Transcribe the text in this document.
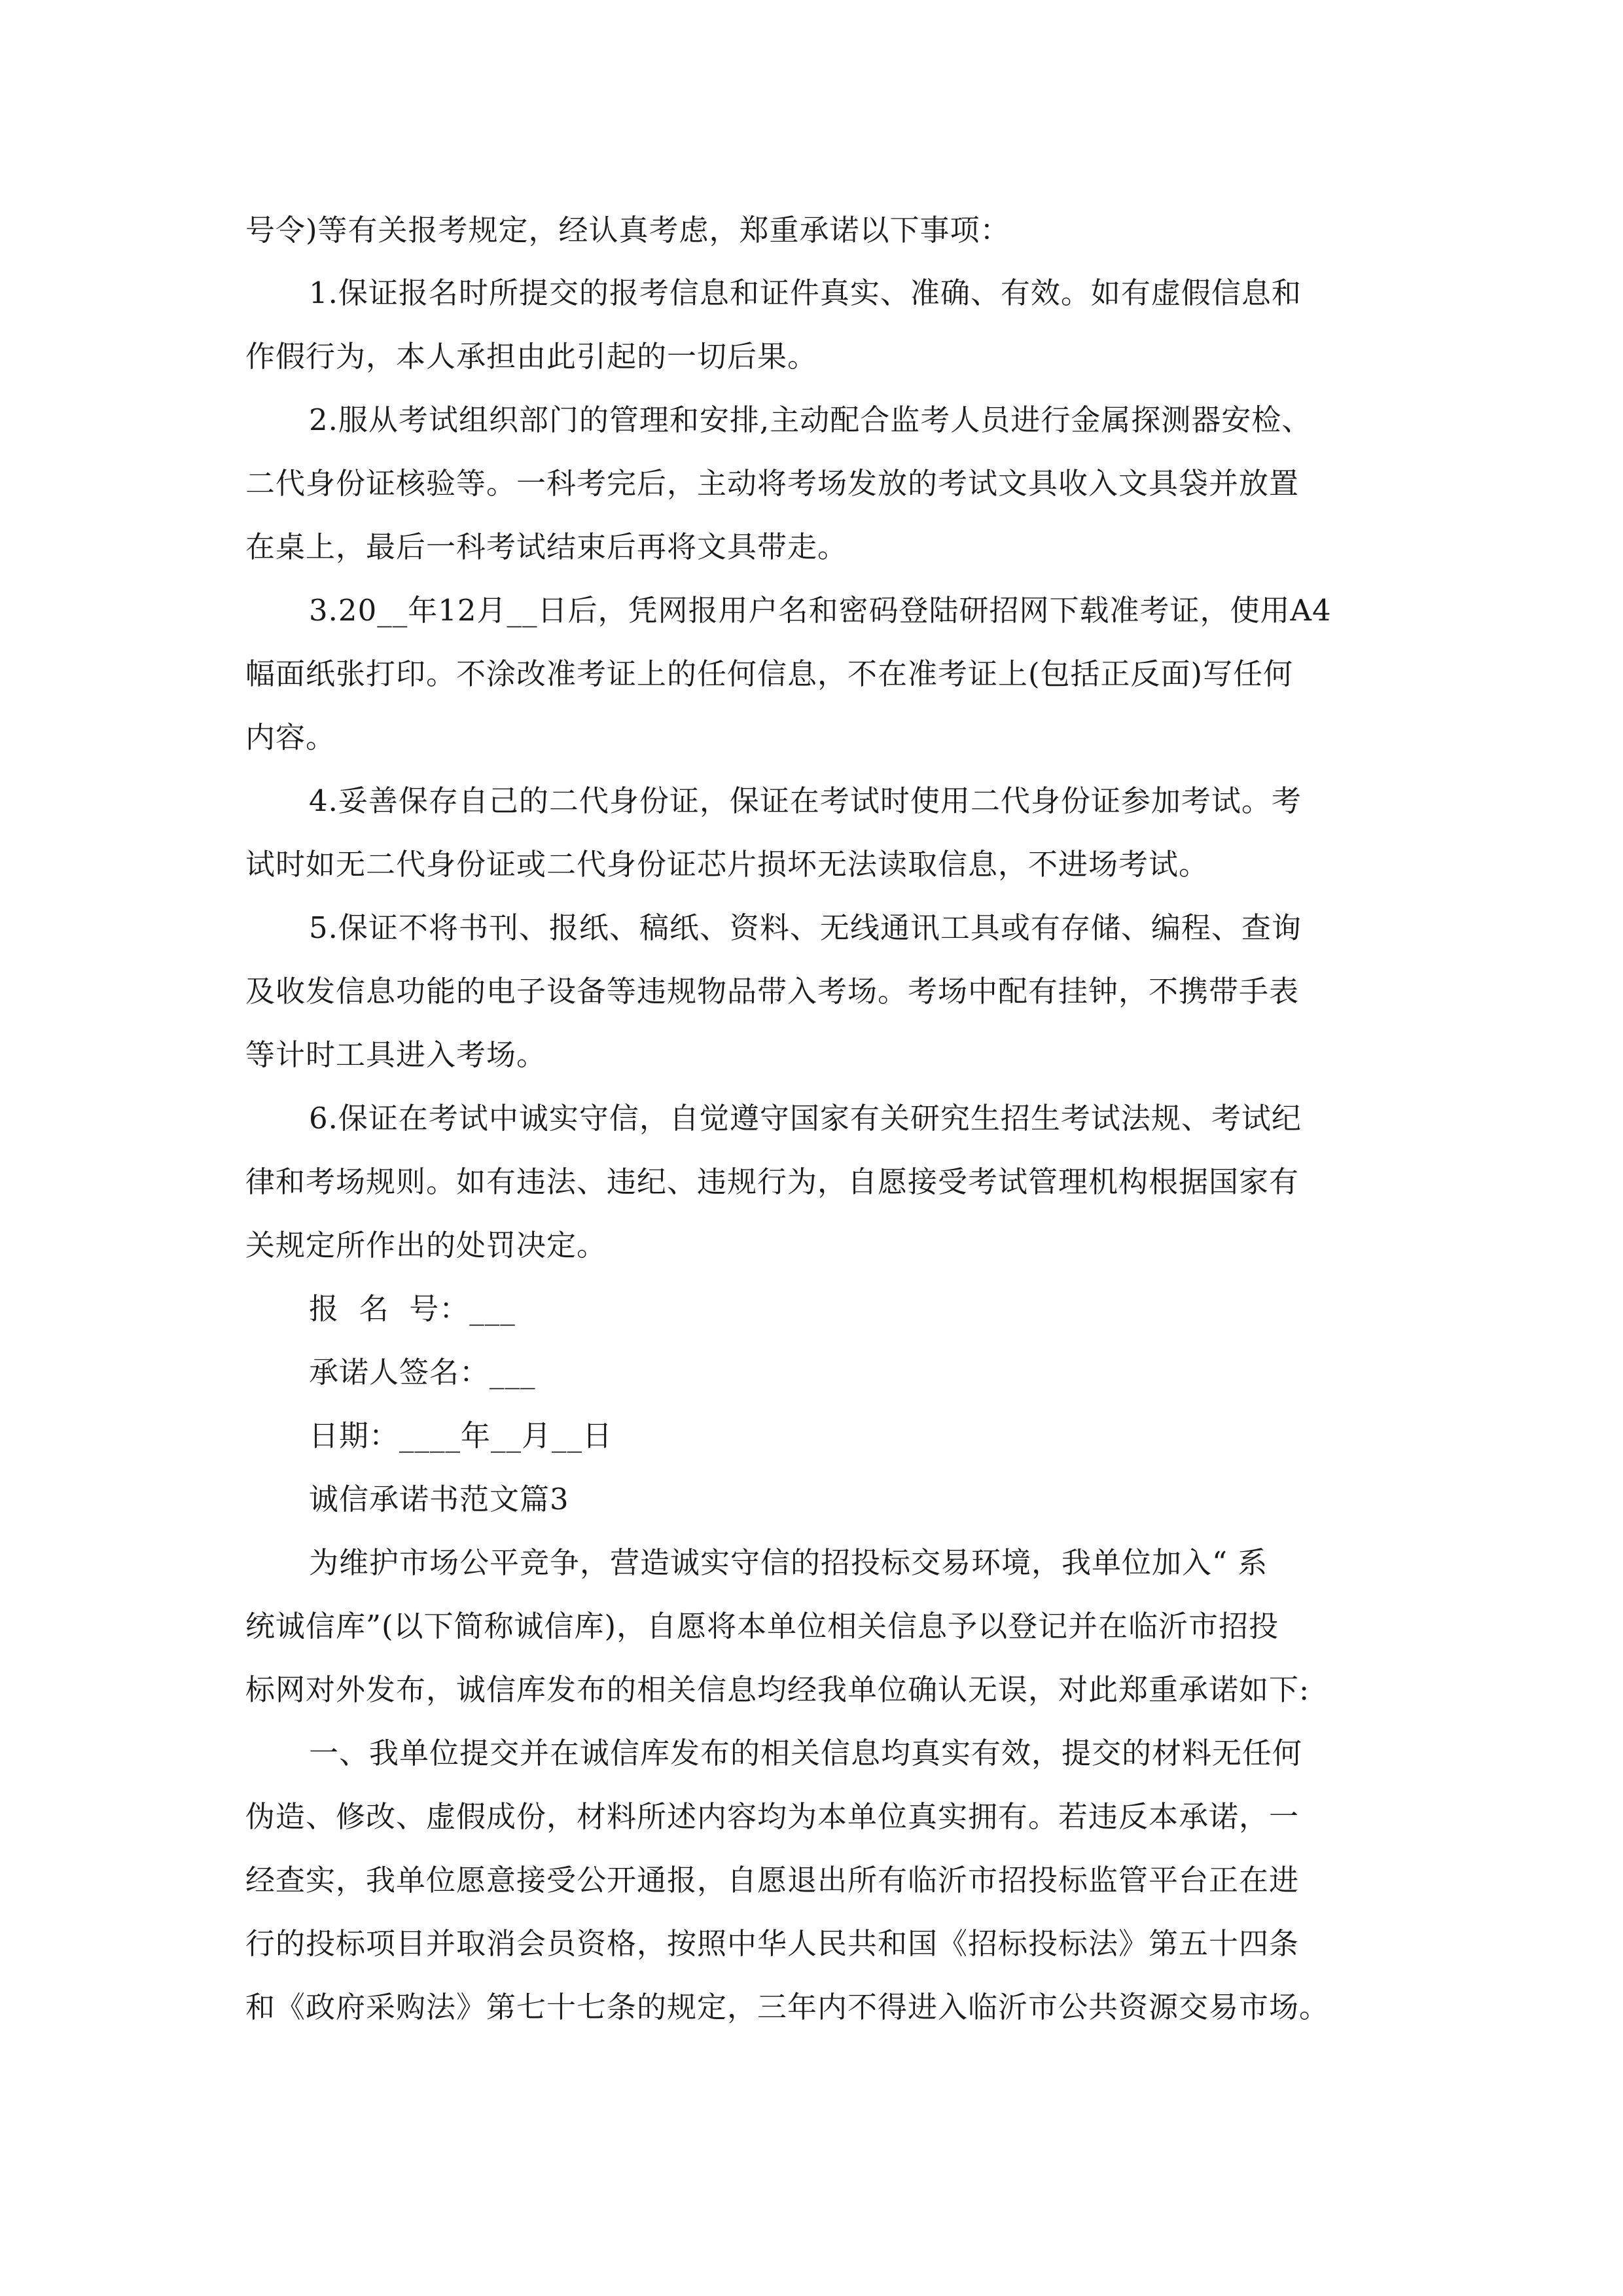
号令)等有关报考规定，经认真考虑，郑重承诺以下事项：
1.保证报名时所提交的报考信息和证件真实、准确、有效。如有虚假信息和
作假行为，本人承担由此引起的一切后果。
2.服从考试组织部门的管理和安排,主动配合监考人员进行金属探测器安检、
二代身份证核验等。一科考完后，主动将考场发放的考试文具收入文具袋并放置
在桌上，最后一科考试结束后再将文具带走。
3.20__年12月__日后，凭网报用户名和密码登陆研招网下载准考证，使用A4
幅面纸张打印。不涂改准考证上的任何信息，不在准考证上(包括正反面)写任何
内容。
4.妥善保存自己的二代身份证，保证在考试时使用二代身份证参加考试。考
试时如无二代身份证或二代身份证芯片损坏无法读取信息，不进场考试。
5.保证不将书刊、报纸、稿纸、资料、无线通讯工具或有存储、编程、查询
及收发信息功能的电子设备等违规物品带入考场。考场中配有挂钟，不携带手表
等计时工具进入考场。
6.保证在考试中诚实守信，自觉遵守国家有关研究生招生考试法规、考试纪
律和考场规则。如有违法、违纪、违规行为，自愿接受考试管理机构根据国家有
关规定所作出的处罚决定。
报  名  号：___
承诺人签名：___
日期：____年__月__日
诚信承诺书范文篇3
为维护市场公平竞争，营造诚实守信的招投标交易环境，我单位加入“ 系
统诚信库”(以下简称诚信库)，自愿将本单位相关信息予以登记并在临沂市招投
标网对外发布，诚信库发布的相关信息均经我单位确认无误，对此郑重承诺如下:
一、我单位提交并在诚信库发布的相关信息均真实有效，提交的材料无任何
伪造、修改、虚假成份，材料所述内容均为本单位真实拥有。若违反本承诺，一
经查实，我单位愿意接受公开通报，自愿退出所有临沂市招投标监管平台正在进
行的投标项目并取消会员资格，按照中华人民共和国《招标投标法》第五十四条
和《政府采购法》第七十七条的规定，三年内不得进入临沂市公共资源交易市场。
